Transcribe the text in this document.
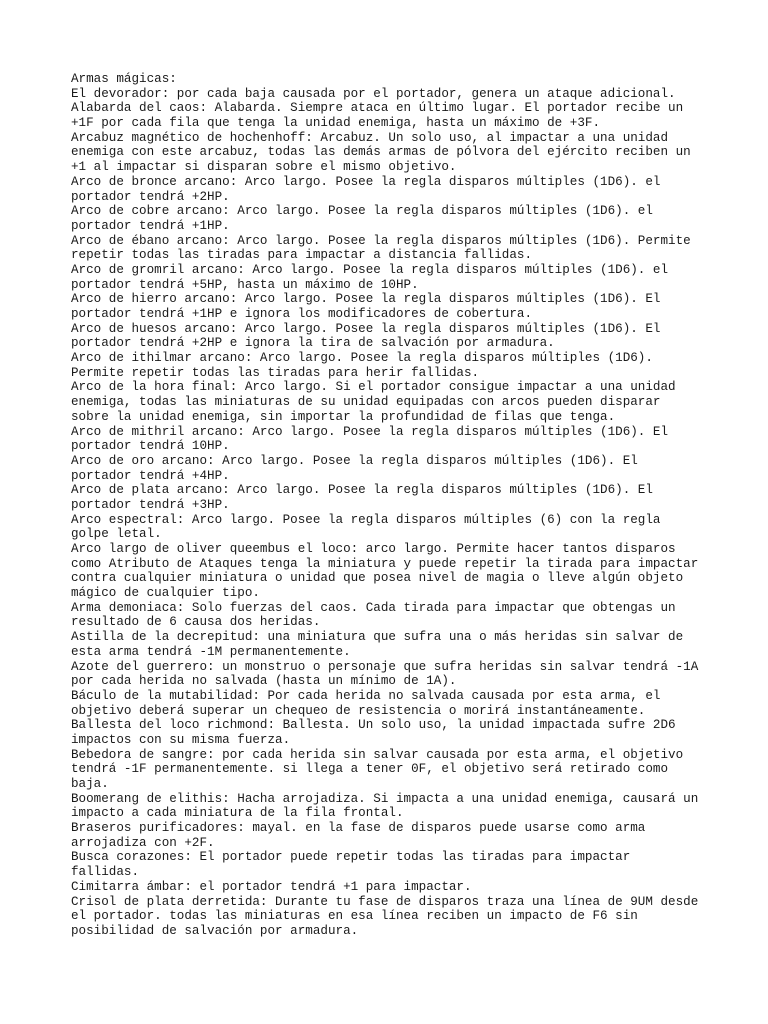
Armas mágicas:
El devorador: por cada baja causada por el portador, genera un ataque adicional.
Alabarda del caos: Alabarda. Siempre ataca en último lugar. El portador recibe un
+1F por cada fila que tenga la unidad enemiga, hasta un máximo de +3F.
Arcabuz magnético de hochenhoff: Arcabuz. Un solo uso, al impactar a una unidad
enemiga con este arcabuz, todas las demás armas de pólvora del ejército reciben un
+1 al impactar si disparan sobre el mismo objetivo.
Arco de bronce arcano: Arco largo. Posee la regla disparos múltiples (1D6). el
portador tendrá +2HP.
Arco de cobre arcano: Arco largo. Posee la regla disparos múltiples (1D6). el
portador tendrá +1HP.
Arco de ébano arcano: Arco largo. Posee la regla disparos múltiples (1D6). Permite
repetir todas las tiradas para impactar a distancia fallidas.
Arco de gromril arcano: Arco largo. Posee la regla disparos múltiples (1D6). el
portador tendrá +5HP, hasta un máximo de 10HP.
Arco de hierro arcano: Arco largo. Posee la regla disparos múltiples (1D6). El
portador tendrá +1HP e ignora los modificadores de cobertura.
Arco de huesos arcano: Arco largo. Posee la regla disparos múltiples (1D6). El
portador tendrá +2HP e ignora la tira de salvación por armadura.
Arco de ithilmar arcano: Arco largo. Posee la regla disparos múltiples (1D6).
Permite repetir todas las tiradas para herir fallidas.
Arco de la hora final: Arco largo. Si el portador consigue impactar a una unidad
enemiga, todas las miniaturas de su unidad equipadas con arcos pueden disparar
sobre la unidad enemiga, sin importar la profundidad de filas que tenga.
Arco de mithril arcano: Arco largo. Posee la regla disparos múltiples (1D6). El
portador tendrá 10HP.
Arco de oro arcano: Arco largo. Posee la regla disparos múltiples (1D6). El
portador tendrá +4HP.
Arco de plata arcano: Arco largo. Posee la regla disparos múltiples (1D6). El
portador tendrá +3HP.
Arco espectral: Arco largo. Posee la regla disparos múltiples (6) con la regla
golpe letal.
Arco largo de oliver queembus el loco: arco largo. Permite hacer tantos disparos
como Atributo de Ataques tenga la miniatura y puede repetir la tirada para impactar
contra cualquier miniatura o unidad que posea nivel de magia o lleve algún objeto
mágico de cualquier tipo.
Arma demoniaca: Solo fuerzas del caos. Cada tirada para impactar que obtengas un
resultado de 6 causa dos heridas.
Astilla de la decrepitud: una miniatura que sufra una o más heridas sin salvar de
esta arma tendrá -1M permanentemente.
Azote del guerrero: un monstruo o personaje que sufra heridas sin salvar tendrá -1A
por cada herida no salvada (hasta un mínimo de 1A).
Báculo de la mutabilidad: Por cada herida no salvada causada por esta arma, el
objetivo deberá superar un chequeo de resistencia o morirá instantáneamente.
Ballesta del loco richmond: Ballesta. Un solo uso, la unidad impactada sufre 2D6
impactos con su misma fuerza.
Bebedora de sangre: por cada herida sin salvar causada por esta arma, el objetivo
tendrá -1F permanentemente. si llega a tener 0F, el objetivo será retirado como
baja.
Boomerang de elithis: Hacha arrojadiza. Si impacta a una unidad enemiga, causará un
impacto a cada miniatura de la fila frontal.
Braseros purificadores: mayal. en la fase de disparos puede usarse como arma
arrojadiza con +2F.
Busca corazones: El portador puede repetir todas las tiradas para impactar
fallidas.
Cimitarra ámbar: el portador tendrá +1 para impactar.
Crisol de plata derretida: Durante tu fase de disparos traza una línea de 9UM desde
el portador. todas las miniaturas en esa línea reciben un impacto de F6 sin
posibilidad de salvación por armadura.
